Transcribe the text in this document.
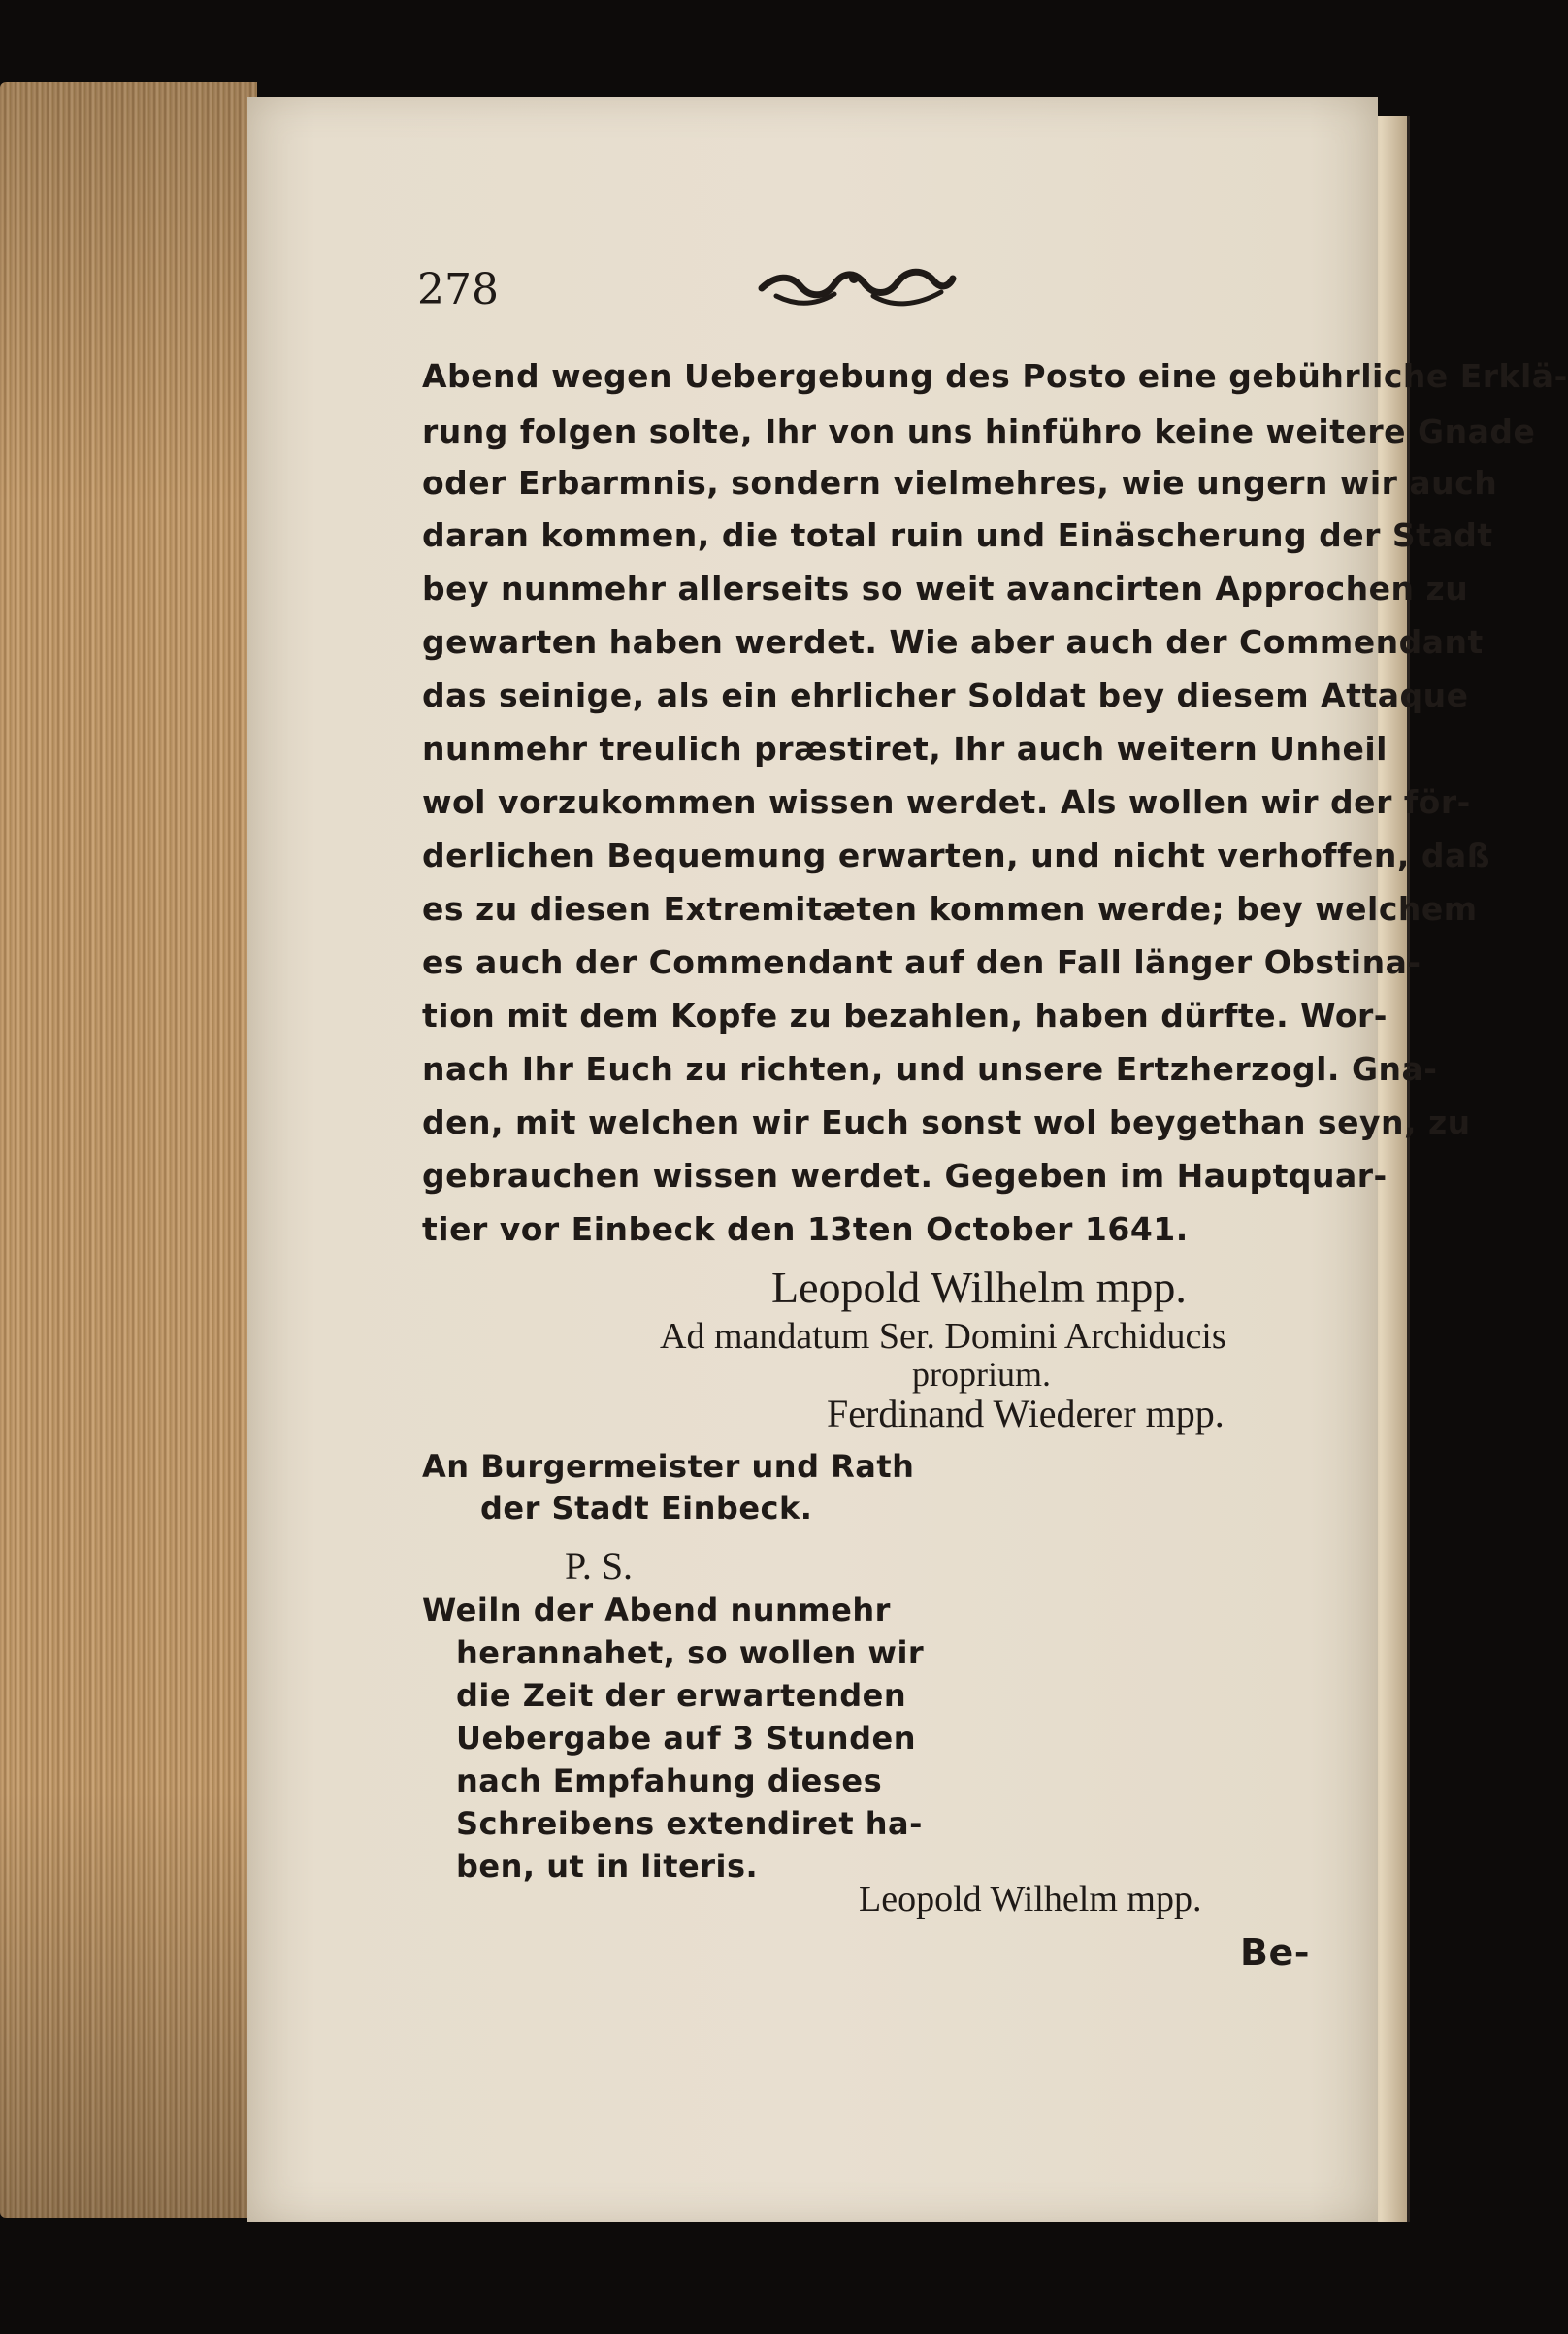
278
Abend wegen Uebergebung des Posto eine gebührliche Erklä-
rung folgen solte, Ihr von uns hinführo keine weitere Gnade
oder Erbarmnis, sondern vielmehres, wie ungern wir auch
daran kommen, die total ruin und Einäscherung der Stadt
bey nunmehr allerseits so weit avancirten Approchen zu
gewarten haben werdet. Wie aber auch der Commendant
das seinige, als ein ehrlicher Soldat bey diesem Attaque
nunmehr treulich præstiret, Ihr auch weitern Unheil
wol vorzukommen wissen werdet. Als wollen wir der för-
derlichen Bequemung erwarten, und nicht verhoffen, daß
es zu diesen Extremitæten kommen werde; bey welchem
es auch der Commendant auf den Fall länger Obstina-
tion mit dem Kopfe zu bezahlen, haben dürfte. Wor-
nach Ihr Euch zu richten, und unsere Ertzherzogl. Gna-
den, mit welchen wir Euch sonst wol beygethan seyn, zu
gebrauchen wissen werdet. Gegeben im Hauptquar-
tier vor Einbeck den 13ten October 1641.
Leopold Wilhelm mpp.
Ad mandatum Ser. Domini Archiducis
proprium.
Ferdinand Wiederer mpp.
An Burgermeister und Rath
der Stadt Einbeck.
P. S.
Weiln der Abend nunmehr
herannahet, so wollen wir
die Zeit der erwartenden
Uebergabe auf 3 Stunden
nach Empfahung dieses
Schreibens extendiret ha-
ben, ut in literis.
Leopold Wilhelm mpp.
Be-
